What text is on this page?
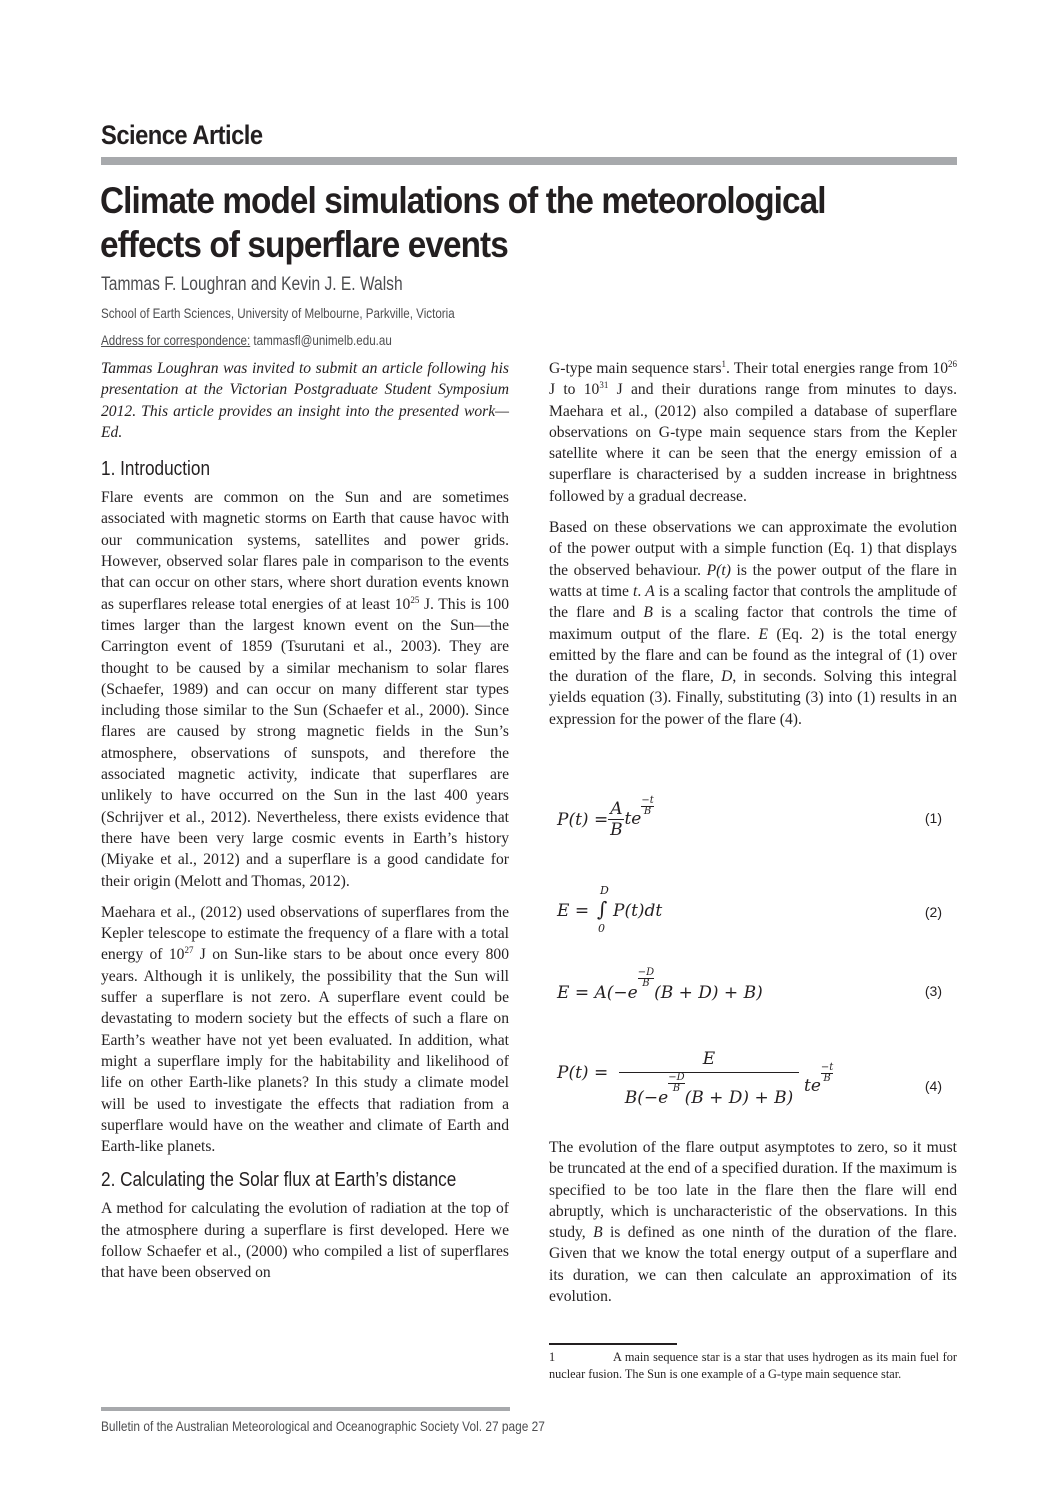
Science Article
Climate model simulations of the meteorological effects of superflare events
Tammas F. Loughran and Kevin J. E. Walsh
School of Earth Sciences, University of Melbourne, Parkville, Victoria
Address for correspondence: tammasfl@unimelb.edu.au

Tammas Loughran was invited to submit an article following his presentation at the Victorian Postgraduate Student Symposium 2012. This article provides an insight into the presented work—Ed.

1. Introduction

Flare events are common on the Sun and are sometimes associated with magnetic storms on Earth that cause havoc with our communication systems, satellites and power grids. However, observed solar flares pale in comparison to the events that can occur on other stars, where short duration events known as superflares release total energies of at least $10^{25}$ J. This is 100 times larger than the largest known event on the Sun—the Carrington event of 1859 (Tsurutani et al., 2003). They are thought to be caused by a similar mechanism to solar flares (Schaefer, 1989) and can occur on many different star types including those similar to the Sun (Schaefer et al., 2000). Since flares are caused by strong magnetic fields in the Sun’s atmosphere, observations of sunspots, and therefore the associated magnetic activity, indicate that superflares are unlikely to have occurred on the Sun in the last 400 years (Schrijver et al., 2012). Nevertheless, there exists evidence that there have been very large cosmic events in Earth’s history (Miyake et al., 2012) and a superflare is a good candidate for their origin (Melott and Thomas, 2012).

Maehara et al., (2012) used observations of superflares from the Kepler telescope to estimate the frequency of a flare with a total energy of $10^{27}$ J on Sun-like stars to be about once every 800 years. Although it is unlikely, the possibility that the Sun will suffer a superflare is not zero. A superflare event could be devastating to modern society but the effects of such a flare on Earth’s weather have not yet been evaluated. In addition, what might a superflare imply for the habitability and likelihood of life on other Earth-like planets? In this study a climate model will be used to investigate the effects that radiation from a superflare would have on the weather and climate of Earth and Earth-like planets.

2. Calculating the Solar flux at Earth’s distance

A method for calculating the evolution of radiation at the top of the atmosphere during a superflare is first developed. Here we follow Schaefer et al., (2000) who compiled a list of superflares that have been observed on

G-type main sequence stars$^1$. Their total energies range from $10^{26}$ J to $10^{31}$ J and their durations range from minutes to days. Maehara et al., (2012) also compiled a database of superflare observations on G-type main sequence stars from the Kepler satellite where it can be seen that the energy emission of a superflare is characterised by a sudden increase in brightness followed by a gradual decrease.

Based on these observations we can approximate the evolution of the power output with a simple function (Eq. 1) that displays the observed behaviour. P(t) is the power output of the flare in watts at time t. A is a scaling factor that controls the amplitude of the flare and B is a scaling factor that controls the time of maximum output of the flare. E (Eq. 2) is the total energy emitted by the flare and can be found as the integral of (1) over the duration of the flare, D, in seconds. Solving this integral yields equation (3). Finally, substituting (3) into (1) results in an expression for the power of the flare (4).

$P(t) = \frac{A}{B}$ te
$\frac{-t}{B}$
(1)
E =
D
∫
0
P(t)dt	(2)
E = A(−e
$\frac{-D}{B}$
(B + D) + B)	(3)
P(t) =
E
B(−e
$\frac{-D}{B}$
(B + D) + B)
te
$\frac{-t}{B}$
(4)

The evolution of the flare output asymptotes to zero, so it must be truncated at the end of a specified duration. If the maximum is specified to be too late in the flare then the flare will end abruptly, which is uncharacteristic of the observations. In this study, B is defined as one ninth of the duration of the flare. Given that we know the total energy output of a superflare and its duration, we can then calculate an approximation of its evolution.

1	A main sequence star is a star that uses hydrogen as its main fuel for nuclear fusion. The Sun is one example of a G-type main sequence star.
Bulletin of the Australian Meteorological and Oceanographic Society Vol. 27 page 27
